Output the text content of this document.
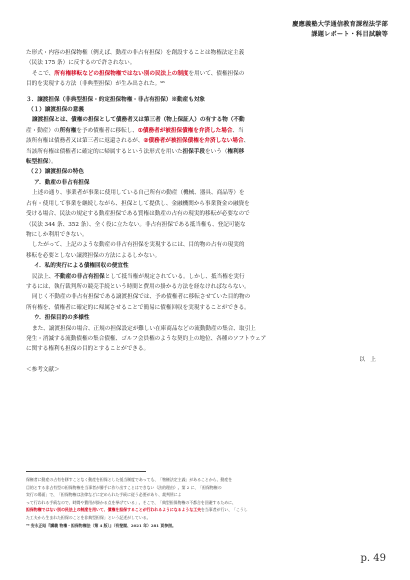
慶應義塾大学通信教育課程法学部
課題レポート・科目試験等

た形式・内容の担保物権（例えば、動産の非占有担保）を創設することは物権法定主義

（民法 175 条）に反するので許されない。

そこで、所有権移転などの担保物権ではない別の民法上の制度を用いて、債権担保の

目的を実現する方法（非典型担保）が生み出された。⁹⁶

３．譲渡担保（非典型担保・約定担保物権・非占有担保）※動産も対象

（１）譲渡担保の意義

譲渡担保とは、債権の担保として債務者又は第三者（物上保証人）の有する物（不動

産・動産）の所有権を予め債権者に移転し、①債務者が被担保債権を弁済した場合、当

該所有権は債務者又は第三者に返還されるが、②債務者が被担保債権を弁済しない場合、

当該所有権は債権者に確定的に帰属するという法形式を用いた担保手段をいう（権利移

転型担保）。

（２）譲渡担保の特色

ア．動産の非占有担保

上述の通り、事業者が事業に使用している自己所有の動産（機械、器具、商品等）を

占有・使用して事業を継続しながら、担保として提供し、金融機関から事業資金の融資を

受ける場合、民法の規定する動産担保である質権は動産の占有の現実的移転が必要なので

（民法 344 条、352 条）、全く役に立たない。非占有担保である抵当権も、登記可能な

物にしか利用できない。

したがって、上記のような動産の非占有担保を実現するには、目的物の占有の現実的

移転を必要としない譲渡担保の方法によるしかない。

イ．私的実行による債権回収の便宜性

民法上、不動産の非占有担保として抵当権が規定されている。しかし、抵当権を実行

するには、執行裁判所の競売手続という時間と費用の掛かる方法を経なければならない。

同じく不動産の非占有担保である譲渡担保では、予め債権者に移転させていた目的物の

所有権を、債権者に確定的に帰属させることで簡易に債権回収を実現することができる。

ウ．担保目的の多様性

また、譲渡担保の場合、正規の担保設定が難しい在庫商品などの流動動産の集合、取引上

発生・消滅する流動債権の集合債権、ゴルフ会員権のような契約上の地位、各種のソフトウェア

に関する権利も担保の目的とすることができる。

以　上

＜参考文献＞

保権者に動産の占有を移すことなく動産を担保とした抵当制度であっても、「物権法定主義」があることから、動産を

目的とする非占有型の担保物権を当事者が勝手に作り出すことはできない（法的理由）。第 2 に、「担保物権の

実行の場面」で、「担保物権は法律などに定められた手続に従う必要があり、裁判所によ

って行われる手続なので、時間や費用が掛かる点を挙げている」。そこで、「典型担保物権の不都合を回避するために、

担保物権ではない別の民法上の制度を用いて、債権を担保することが行われるようになるような工夫を当事者が行い、「こうし

た工夫から生まれた担保のことを非典型担保」という記述がしている。

⁹⁶ 安永正昭『講義 物権・担保物権法（第 4 版）』（有斐閣、2021 年）281 頁参照。

p. 49
